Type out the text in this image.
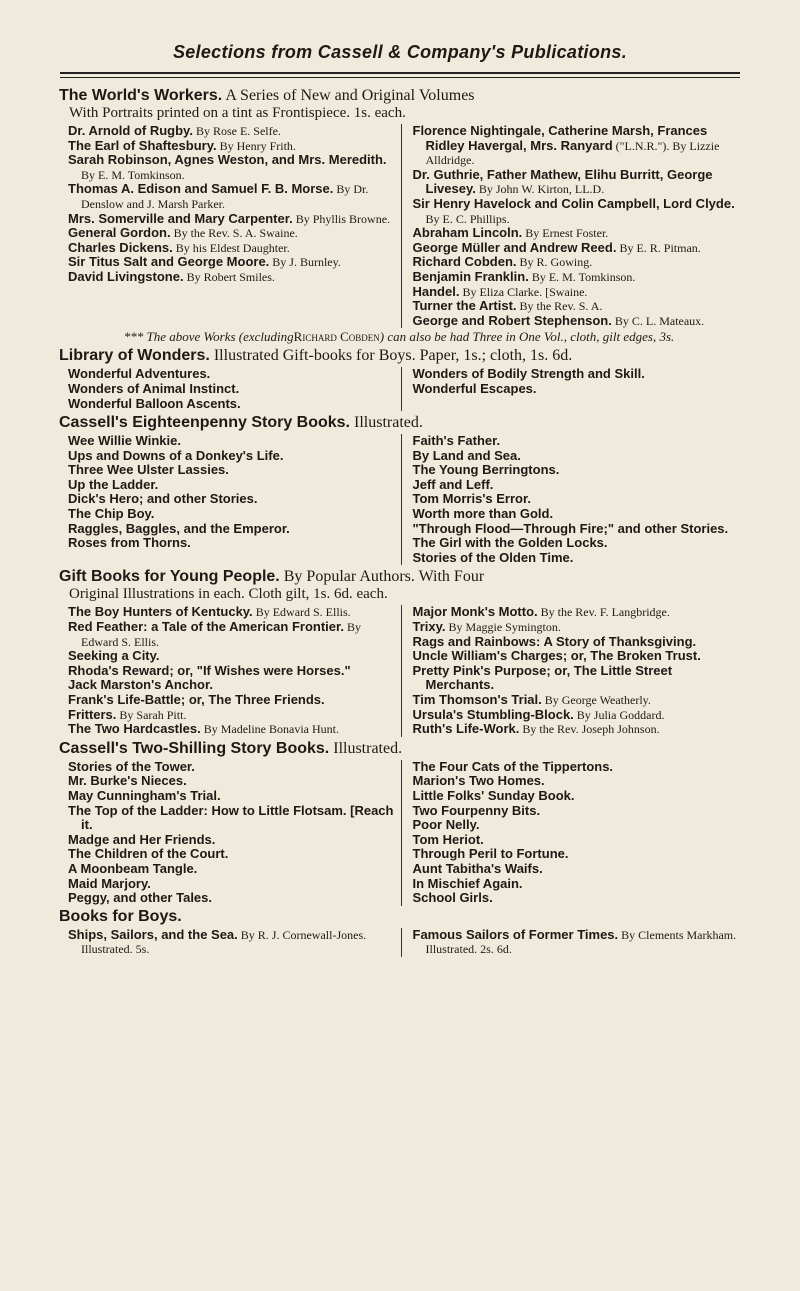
Selections from Cassell & Company's Publications.
The World's Workers. A Series of New and Original Volumes
With Portraits printed on a tint as Frontispiece. 1s. each.
Dr. Arnold of Rugby. By Rose E. Selfe.
The Earl of Shaftesbury. By Henry Frith.
Sarah Robinson, Agnes Weston, and Mrs. Meredith. By E. M. Tomkinson.
Thomas A. Edison and Samuel F. B. Morse. By Dr. Denslow and J. Marsh Parker.
Mrs. Somerville and Mary Carpenter. By Phyllis Browne.
General Gordon. By the Rev. S. A. Swaine.
Charles Dickens. By his Eldest Daughter.
Sir Titus Salt and George Moore. By J. Burnley.
David Livingstone. By Robert Smiles.
Florence Nightingale, Catherine Marsh, Frances Ridley Havergal, Mrs. Ranyard ("L.N.R."). By Lizzie Alldridge.
Dr. Guthrie, Father Mathew, Elihu Burritt, George Livesey. By John W. Kirton, LL.D.
Sir Henry Havelock and Colin Campbell, Lord Clyde. By E. C. Phillips.
Abraham Lincoln. By Ernest Foster.
George Müller and Andrew Reed. By E. R. Pitman.
Richard Cobden. By R. Gowing.
Benjamin Franklin. By E. M. Tomkinson.
Handel. By Eliza Clarke. [Swaine.
Turner the Artist. By the Rev. S. A.
George and Robert Stephenson. By C. L. Mateaux.
*** The above Works (excludingRichard Cobden) can also be had Three in One Vol., cloth, gilt edges, 3s.
Library of Wonders. Illustrated Gift-books for Boys. Paper, 1s.; cloth, 1s. 6d.
Wonderful Adventures.
Wonders of Animal Instinct.
Wonderful Balloon Ascents.
Wonders of Bodily Strength and Skill.
Wonderful Escapes.
Cassell's Eighteenpenny Story Books. Illustrated.
Wee Willie Winkie.
Ups and Downs of a Donkey's Life.
Three Wee Ulster Lassies.
Up the Ladder.
Dick's Hero; and other Stories.
The Chip Boy.
Raggles, Baggles, and the Emperor.
Roses from Thorns.
Faith's Father.
By Land and Sea.
The Young Berringtons.
Jeff and Leff.
Tom Morris's Error.
Worth more than Gold.
"Through Flood—Through Fire;" and other Stories.
The Girl with the Golden Locks.
Stories of the Olden Time.
Gift Books for Young People. By Popular Authors. With Four
Original Illustrations in each. Cloth gilt, 1s. 6d. each.
The Boy Hunters of Kentucky. By Edward S. Ellis.
Red Feather: a Tale of the American Frontier. By Edward S. Ellis.
Seeking a City.
Rhoda's Reward; or, "If Wishes were Horses."
Jack Marston's Anchor.
Frank's Life-Battle; or, The Three Friends.
Fritters. By Sarah Pitt.
The Two Hardcastles. By Madeline Bonavia Hunt.
Major Monk's Motto. By the Rev. F. Langbridge.
Trixy. By Maggie Symington.
Rags and Rainbows: A Story of Thanksgiving.
Uncle William's Charges; or, The Broken Trust.
Pretty Pink's Purpose; or, The Little Street Merchants.
Tim Thomson's Trial. By George Weatherly.
Ursula's Stumbling-Block. By Julia Goddard.
Ruth's Life-Work. By the Rev. Joseph Johnson.
Cassell's Two-Shilling Story Books. Illustrated.
Stories of the Tower.
Mr. Burke's Nieces.
May Cunningham's Trial.
The Top of the Ladder: How to Little Flotsam. [Reach it.
Madge and Her Friends.
The Children of the Court.
A Moonbeam Tangle.
Maid Marjory.
Peggy, and other Tales.
The Four Cats of the Tippertons.
Marion's Two Homes.
Little Folks' Sunday Book.
Two Fourpenny Bits.
Poor Nelly.
Tom Heriot.
Through Peril to Fortune.
Aunt Tabitha's Waifs.
In Mischief Again.
School Girls.
Books for Boys.
Ships, Sailors, and the Sea. By R. J. Cornewall-Jones. Illustrated. 5s.
Famous Sailors of Former Times. By Clements Markham. Illustrated. 2s. 6d.
